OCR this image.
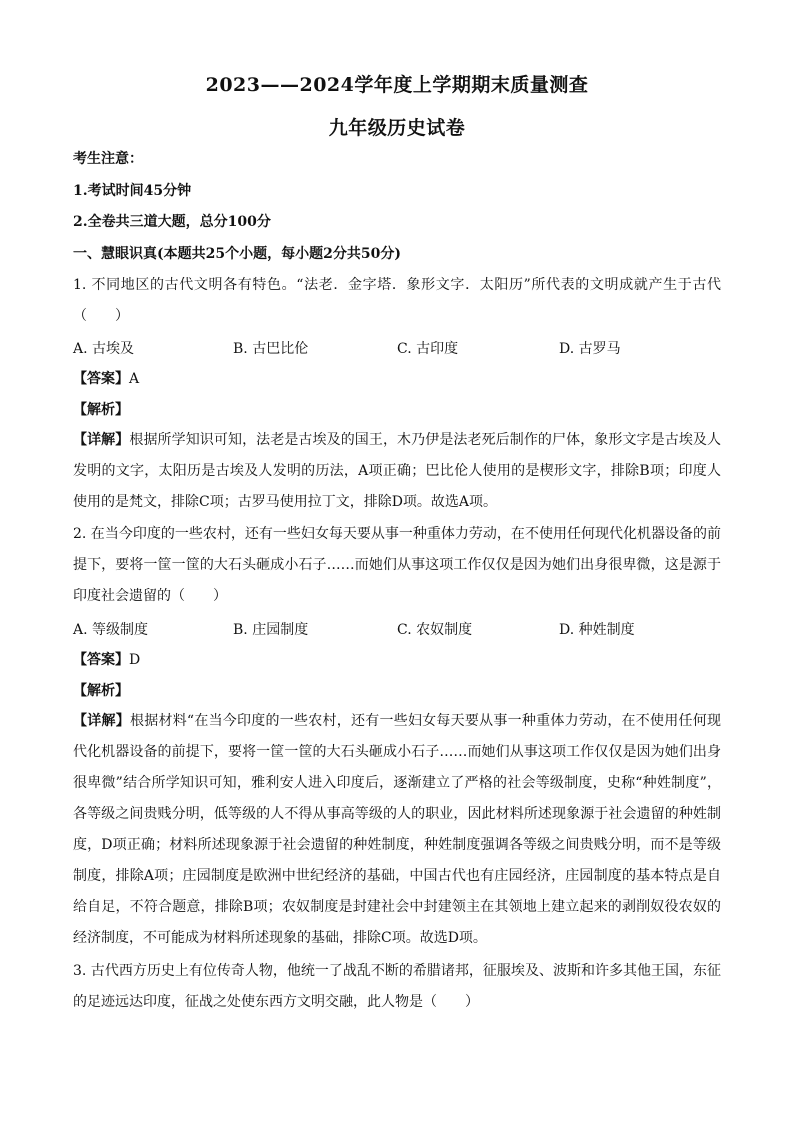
2023——2024学年度上学期期末质量测查
九年级历史试卷
考生注意：
1.考试时间45分钟
2.全卷共三道大题，总分100分
一、慧眼识真(本题共25个小题，每小题2分共50分)
1. 不同地区的古代文明各有特色。“法老．金字塔．象形文字．太阳历”所代表的文明成就产生于古代（　　）
A. 古埃及	B. 古巴比伦	C. 古印度	D. 古罗马
【答案】A
【解析】
【详解】根据所学知识可知，法老是古埃及的国王，木乃伊是法老死后制作的尸体，象形文字是古埃及人发明的文字，太阳历是古埃及人发明的历法，A项正确；巴比伦人使用的是楔形文字，排除B项；印度人使用的是梵文，排除C项；古罗马使用拉丁文，排除D项。故选A项。
2. 在当今印度的一些农村，还有一些妇女每天要从事一种重体力劳动，在不使用任何现代化机器设备的前提下，要将一筐一筐的大石头砸成小石子……而她们从事这项工作仅仅是因为她们出身很卑微，这是源于印度社会遗留的（　　）
A. 等级制度	B. 庄园制度	C. 农奴制度	D. 种姓制度
【答案】D
【解析】
【详解】根据材料“在当今印度的一些农村，还有一些妇女每天要从事一种重体力劳动，在不使用任何现代化机器设备的前提下，要将一筐一筐的大石头砸成小石子……而她们从事这项工作仅仅是因为她们出身很卑微”结合所学知识可知，雅利安人进入印度后，逐渐建立了严格的社会等级制度，史称“种姓制度”，各等级之间贵贱分明，低等级的人不得从事高等级的人的职业，因此材料所述现象源于社会遗留的种姓制度，D项正确；材料所述现象源于社会遗留的种姓制度，种姓制度强调各等级之间贵贱分明，而不是等级制度，排除A项；庄园制度是欧洲中世纪经济的基础，中国古代也有庄园经济，庄园制度的基本特点是自给自足，不符合题意，排除B项；农奴制度是封建社会中封建领主在其领地上建立起来的剥削奴役农奴的经济制度，不可能成为材料所述现象的基础，排除C项。故选D项。
3. 古代西方历史上有位传奇人物，他统一了战乱不断的希腊诸邦，征服埃及、波斯和许多其他王国，东征的足迹远达印度，征战之处使东西方文明交融，此人物是（　　）
